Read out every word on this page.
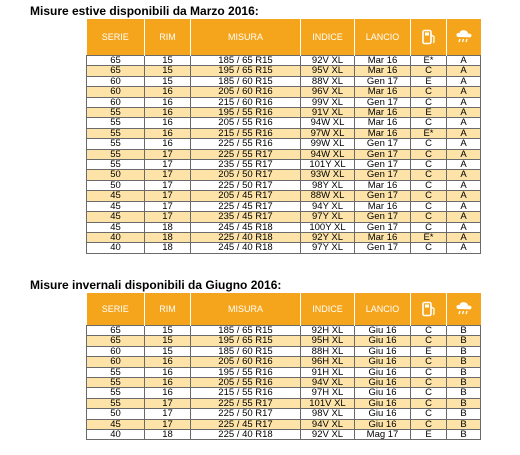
Misure estive disponibili da Marzo 2016:
SERIE	RIM	MISURA	INDICE	LANCIO	

65	15	185 / 65 R15	92V XL	Mar 16	E*	A
65	15	195 / 65 R15	95V XL	Mar 16	C	A
60	15	185 / 60 R15	88V XL	Gen 17	E	A
60	16	205 / 60 R16	96V XL	Mar 16	C	A
60	16	215 / 60 R16	99V XL	Gen 17	C	A
55	16	195 / 55 R16	91V XL	Mar 16	E	A
55	16	205 / 55 R16	94W XL	Mar 16	C	A
55	16	215 / 55 R16	97W XL	Mar 16	E*	A
55	16	225 / 55 R16	99W XL	Gen 17	C	A
55	17	225 / 55 R17	94W XL	Gen 17	C	A
55	17	235 / 55 R17	101Y XL	Gen 17	C	A
50	17	205 / 50 R17	93W XL	Gen 17	C	A
50	17	225 / 50 R17	98Y XL	Mar 16	C	A
45	17	205 / 45 R17	88W XL	Gen 17	C	A
45	17	225 / 45 R17	94Y XL	Mar 16	C	A
45	17	235 / 45 R17	97Y XL	Gen 17	C	A
45	18	245 / 45 R18	100Y XL	Gen 17	C	A
40	18	225 / 40 R18	92Y XL	Mar 16	E*	A
40	18	245 / 40 R18	97Y XL	Gen 17	C	A
Misure invernali disponibili da Giugno 2016:
SERIE	RIM	MISURA	INDICE	LANCIO	

65	15	185 / 65 R15	92H XL	Giu 16	C	B
65	15	195 / 65 R15	95H XL	Giu 16	C	B
60	15	185 / 60 R15	88H XL	Giu 16	E	B
60	16	205 / 60 R16	96H XL	Giu 16	C	B
55	16	195 / 55 R16	91H XL	Giu 16	C	B
55	16	205 / 55 R16	94V XL	Giu 16	C	B
55	16	215 / 55 R16	97H XL	Giu 16	C	B
55	17	225 / 55 R17	101V XL	Giu 16	C	B
50	17	225 / 50 R17	98V XL	Giu 16	C	B
45	17	225 / 45 R17	94V XL	Giu 16	C	B
40	18	225 / 40 R18	92V XL	Mag 17	E	B
